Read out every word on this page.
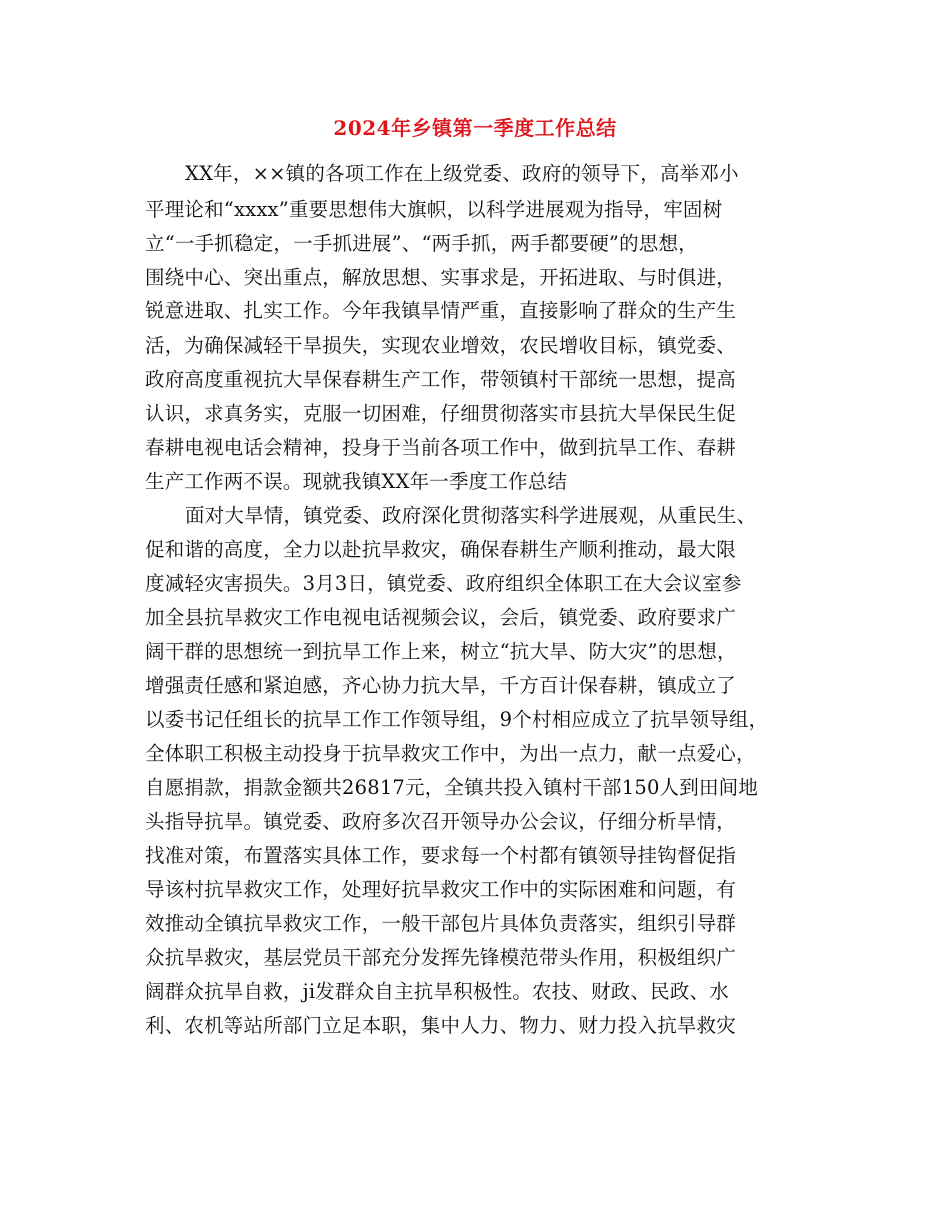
2024年乡镇第一季度工作总结
XX年，××镇的各项工作在上级党委、政府的领导下，高举邓小
平理论和“xxxx”重要思想伟大旗帜，以科学进展观为指导，牢固树
立“一手抓稳定，一手抓进展”、“两手抓，两手都要硬”的思想，
围绕中心、突出重点，解放思想、实事求是，开拓进取、与时俱进，
锐意进取、扎实工作。今年我镇旱情严重，直接影响了群众的生产生
活，为确保减轻干旱损失，实现农业增效，农民增收目标，镇党委、
政府高度重视抗大旱保春耕生产工作，带领镇村干部统一思想，提高
认识，求真务实，克服一切困难，仔细贯彻落实市县抗大旱保民生促
春耕电视电话会精神，投身于当前各项工作中，做到抗旱工作、春耕
生产工作两不误。现就我镇XX年一季度工作总结
面对大旱情，镇党委、政府深化贯彻落实科学进展观，从重民生、
促和谐的高度，全力以赴抗旱救灾，确保春耕生产顺利推动，最大限
度减轻灾害损失。3月3日，镇党委、政府组织全体职工在大会议室参
加全县抗旱救灾工作电视电话视频会议，会后，镇党委、政府要求广
阔干群的思想统一到抗旱工作上来，树立“抗大旱、防大灾”的思想，
增强责任感和紧迫感，齐心协力抗大旱，千方百计保春耕，镇成立了
以委书记任组长的抗旱工作工作领导组，9个村相应成立了抗旱领导组，
全体职工积极主动投身于抗旱救灾工作中，为出一点力，献一点爱心，
自愿捐款，捐款金额共26817元，全镇共投入镇村干部150人到田间地
头指导抗旱。镇党委、政府多次召开领导办公会议，仔细分析旱情，
找准对策，布置落实具体工作，要求每一个村都有镇领导挂钩督促指
导该村抗旱救灾工作，处理好抗旱救灾工作中的实际困难和问题，有
效推动全镇抗旱救灾工作，一般干部包片具体负责落实，组织引导群
众抗旱救灾，基层党员干部充分发挥先锋模范带头作用，积极组织广
阔群众抗旱自救，ji发群众自主抗旱积极性。农技、财政、民政、水
利、农机等站所部门立足本职，集中人力、物力、财力投入抗旱救灾
